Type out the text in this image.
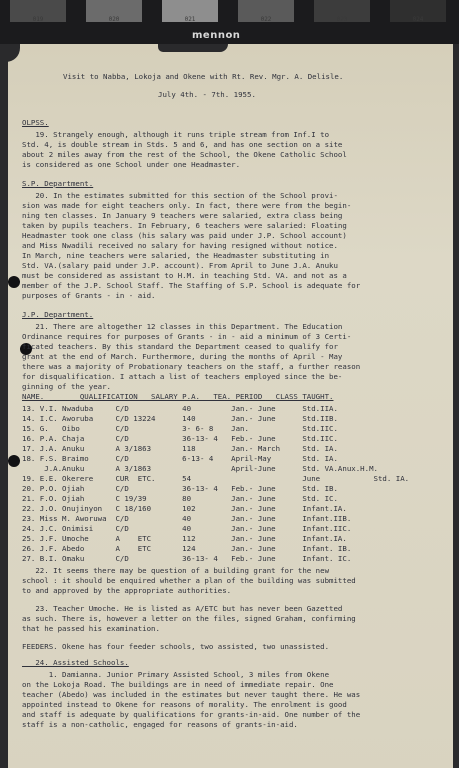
019	020	021	022	023	024
mennon
Visit to Nabba, Lokoja and Okene with Rt. Rev. Mgr. A. Delisle.
July 4th. - 7th. 1955.
OLPSS.
19. Strangely enough, although it runs triple stream from Inf.I to
Std. 4, is double stream in Stds. 5 and 6, and has one section on a site
about 2 miles away from the rest of the School, the Okene Catholic School
is considered as one School under one Headmaster.
S.P. Department.
20. In the estimates submitted for this section of the School provi-
sion was made for eight teachers only. In fact, there were from the begin-
ning ten classes. In January 9 teachers were salaried, extra class being
taken by pupils teachers. In February, 6 teachers were salaried: Floating
Headmaster took one class (his salary was paid under J.P. School account)
and Miss Nwadili received no salary for having resigned without notice.
In March, nine teachers were salaried, the Headmaster substituting in
Std. VA.(salary paid under J.P. account). From April to June J.A. Anuku
must be considered as assistant to H.M. in teaching Std. VA. and not as a
member of the J.P. School Staff. The Staffing of S.P. School is adequate for
purposes of Grants - in - aid.
J.P. Department.
21. There are altogether 12 classes in this Department. The Education
Ordinance requires for purposes of Grants - in - aid a minimum of 3 Certi-
ficated teachers. By this standard the Department ceased to qualify for
grant at the end of March. Furthermore, during the months of April - May
there was a majority of Probationary teachers on the staff, a further reason
for disqualification. I attach a list of teachers employed since the be-
ginning of the year.
NAME.        QUALIFICATION   SALARY P.A.   TEA. PERIOD   CLASS TAUGHT.
13. V.I. Nwaduba     C/D            40         Jan.- June      Std.IIA.
14. I.C. Aworuba     C/D 13224      140        Jan.- June      Std.IIB.
15. G.   Oibo        C/D            3- 6- 8    Jan.            Std.IIC.
16. P.A. Chaja       C/D            36-13- 4   Feb.- June      Std.IIC.
17. J.A. Anuku       A 3/1863       118        Jan.- March     Std. IA.
18. F.S. Braimo      C/D            6-13- 4    April-May       Std. IA.
J.A.Anuku       A 3/1863                  April-June      Std. VA.Anux.H.M.
19. E.E. Okerere     CUR  ETC.      54                         June            Std. IA.
20. P.O. Ojiah       C/D            36-13- 4   Feb.- June      Std. IB.
21. F.O. Ojiah       C 19/39        80         Jan.- June      Std. IC.
22. J.O. Onujinyon   C 18/160       102        Jan.- June      Infant.IA.
23. Miss M. Aworuwa  C/D            40         Jan.- June      Infant.IIB.
24. J.C. Onimisi     C/D            40         Jan.- June      Infant.IIC.
25. J.F. Umoche      A    ETC       112        Jan.- June      Infant.IA.
26. J.F. Abedo       A    ETC       124        Jan.- June      Infant. IB.
27. B.I. Omaku       C/D            36-13- 4   Feb.- June      Infant. IC.
22. It seems there may be question of a building grant for the new
school : it should be enquired whether a plan of the building was submitted
to and approved by the appropriate authorities.
23. Teacher Umoche. He is listed as A/ETC but has never been Gazetted
as such. There is, however a letter on the files, signed Graham, confirming
that he passed his examination.
FEEDERS. Okene has four feeder schools, two assisted, two unassisted.
24. Assisted Schools.
1. Damianna. Junior Primary Assisted School, 3 miles from Okene
on the Lokoja Road. The buildings are in need of immediate repair. One
teacher (Abedo) was included in the estimates but never taught there. He was
appointed instead to Okene for reasons of morality. The enrolment is good
and staff is adequate by qualifications for grants-in-aid. One number of the
staff is a non-catholic, engaged for reasons of grants-in-aid.
